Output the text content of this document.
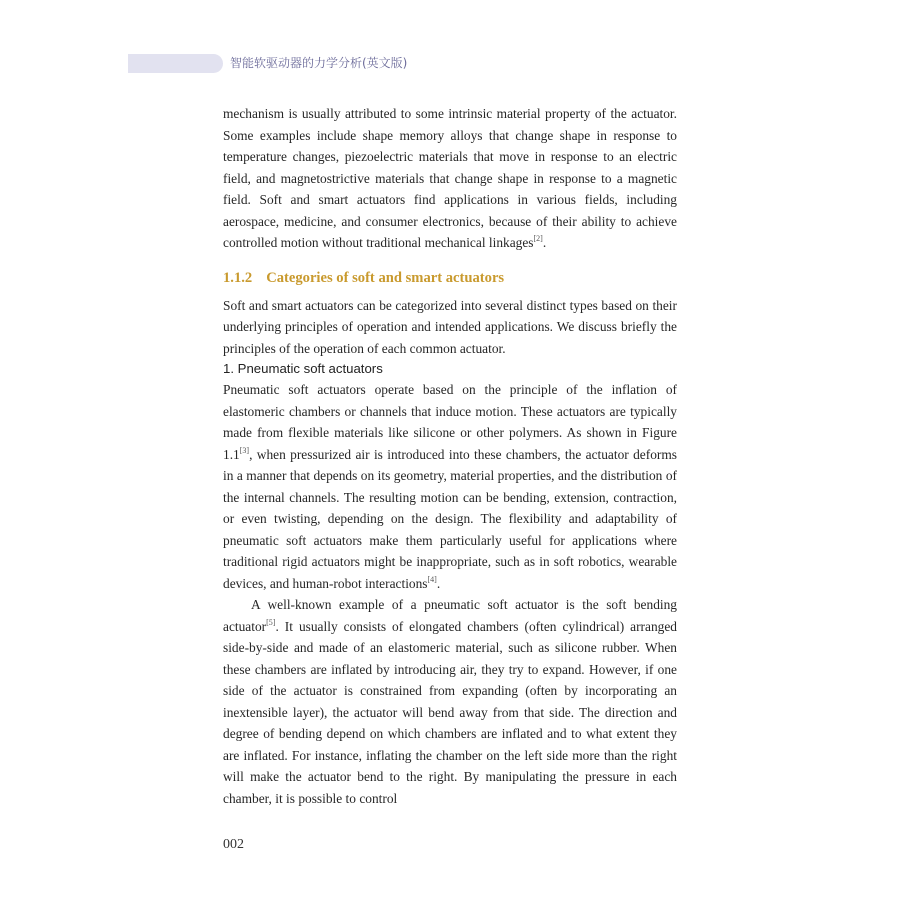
智能软驱动器的力学分析(英文版)

mechanism is usually attributed to some intrinsic material property of the actuator. Some examples include shape memory alloys that change shape in response to temperature changes, piezoelectric materials that move in response to an electric field, and magnetostrictive materials that change shape in response to a magnetic field. Soft and smart actuators find applications in various fields, including aerospace, medicine, and consumer electronics, because of their ability to achieve controlled motion without traditional mechanical linkages[2].

1.1.2 Categories of soft and smart actuators

Soft and smart actuators can be categorized into several distinct types based on their underlying principles of operation and intended applications. We discuss briefly the principles of the operation of each common actuator.

1. Pneumatic soft actuators

Pneumatic soft actuators operate based on the principle of the inflation of elastomeric chambers or channels that induce motion. These actuators are typically made from flexible materials like silicone or other polymers. As shown in Figure 1.1[3], when pressurized air is introduced into these chambers, the actuator deforms in a manner that depends on its geometry, material properties, and the distribution of the internal channels. The resulting motion can be bending, extension, contraction, or even twisting, depending on the design. The flexibility and adaptability of pneumatic soft actuators make them particularly useful for applications where traditional rigid actuators might be inappropriate, such as in soft robotics, wearable devices, and human-robot interactions[4].

A well-known example of a pneumatic soft actuator is the soft bending actuator[5]. It usually consists of elongated chambers (often cylindrical) arranged side-by-side and made of an elastomeric material, such as silicone rubber. When these chambers are inflated by introducing air, they try to expand. However, if one side of the actuator is constrained from expanding (often by incorporating an inextensible layer), the actuator will bend away from that side. The direction and degree of bending depend on which chambers are inflated and to what extent they are inflated. For instance, inflating the chamber on the left side more than the right will make the actuator bend to the right. By manipulating the pressure in each chamber, it is possible to control

002
